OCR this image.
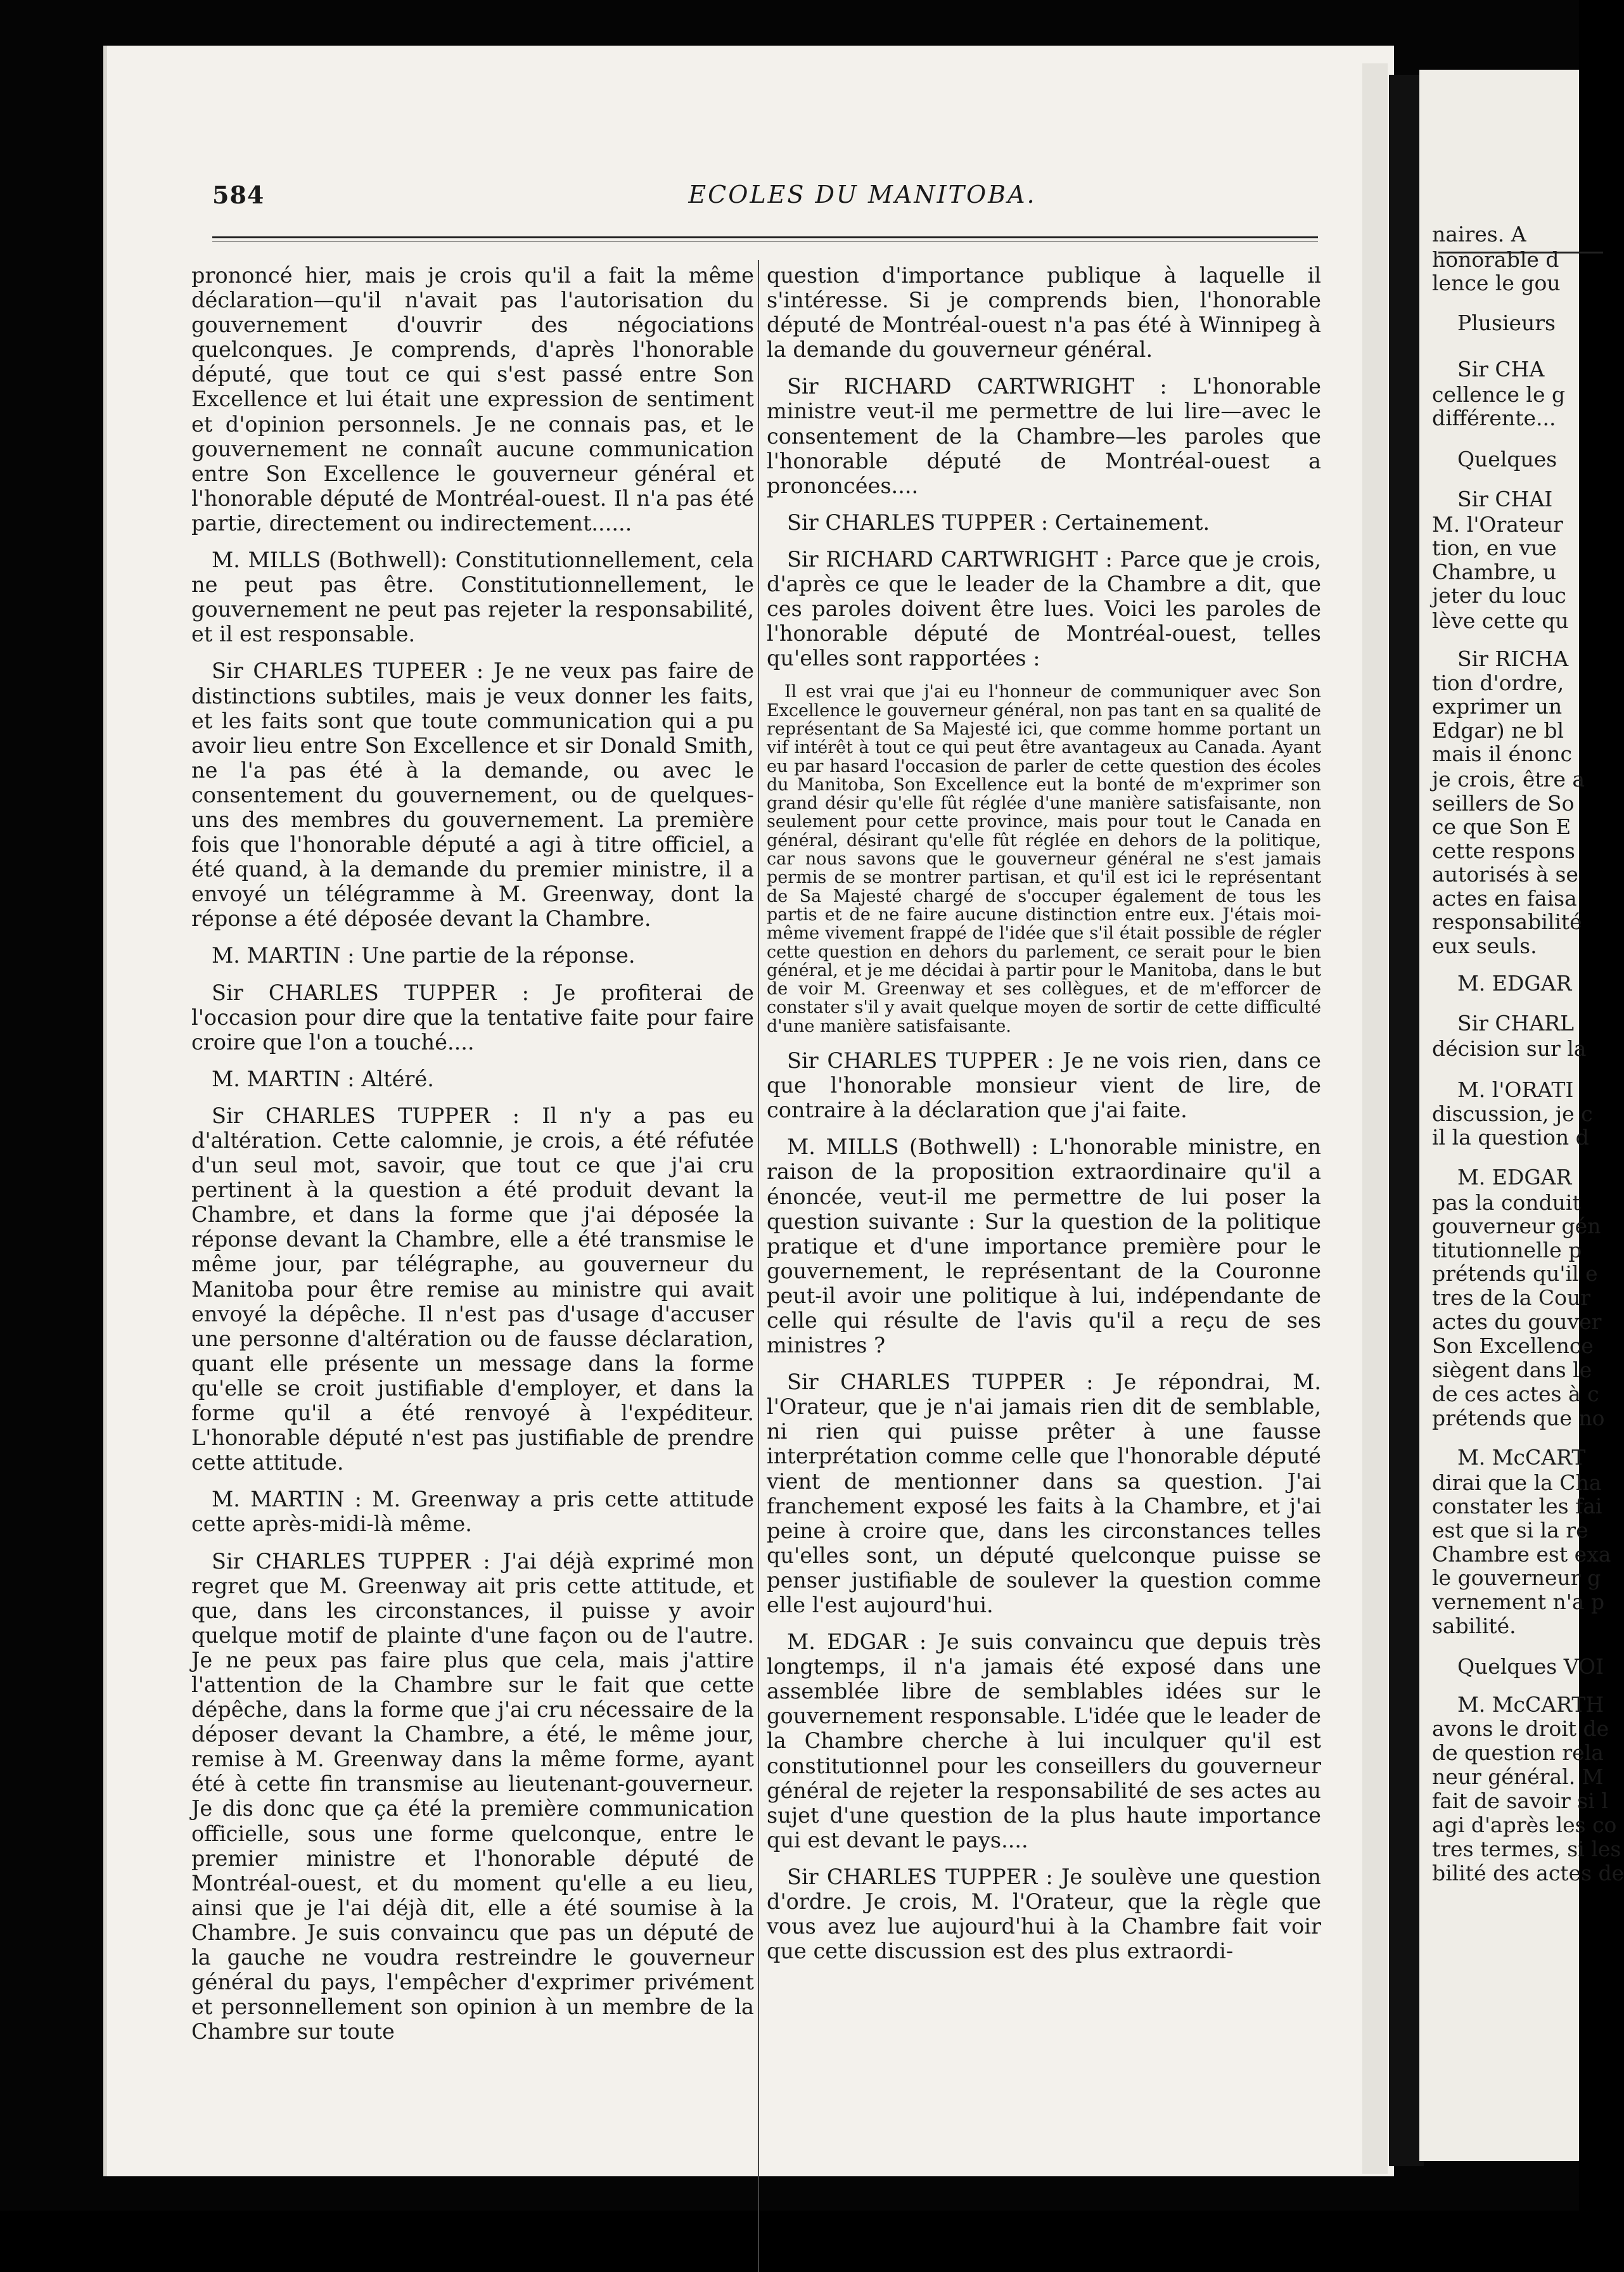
584	ECOLES DU MANITOBA.

prononcé hier, mais je crois qu'il a fait la même déclaration—qu'il n'avait pas l'autorisation du gouvernement d'ouvrir des négociations quelconques. Je comprends, d'après l'honorable député, que tout ce qui s'est passé entre Son Excellence et lui était une expression de sentiment et d'opinion personnels. Je ne connais pas, et le gouvernement ne connaît aucune communication entre Son Excellence le gouverneur général et l'honorable député de Montréal-ouest. Il n'a pas été partie, directement ou indirectement......

M. MILLS (Bothwell): Constitutionnellement, cela ne peut pas être. Constitutionnellement, le gouvernement ne peut pas rejeter la responsabilité, et il est responsable.

Sir CHARLES TUPEER : Je ne veux pas faire de distinctions subtiles, mais je veux donner les faits, et les faits sont que toute communication qui a pu avoir lieu entre Son Excellence et sir Donald Smith, ne l'a pas été à la demande, ou avec le consentement du gouvernement, ou de quelques-uns des membres du gouvernement. La première fois que l'honorable député a agi à titre officiel, a été quand, à la demande du premier ministre, il a envoyé un télégramme à M. Greenway, dont la réponse a été déposée devant la Chambre.

M. MARTIN : Une partie de la réponse.

Sir CHARLES TUPPER : Je profiterai de l'occasion pour dire que la tentative faite pour faire croire que l'on a touché....

M. MARTIN : Altéré.

Sir CHARLES TUPPER : Il n'y a pas eu d'altération. Cette calomnie, je crois, a été réfutée d'un seul mot, savoir, que tout ce que j'ai cru pertinent à la question a été produit devant la Chambre, et dans la forme que j'ai déposée la réponse devant la Chambre, elle a été transmise le même jour, par télégraphe, au gouverneur du Manitoba pour être remise au ministre qui avait envoyé la dépêche. Il n'est pas d'usage d'accuser une personne d'altération ou de fausse déclaration, quant elle présente un message dans la forme qu'elle se croit justifiable d'employer, et dans la forme qu'il a été renvoyé à l'expéditeur. L'honorable député n'est pas justifiable de prendre cette attitude.

M. MARTIN : M. Greenway a pris cette attitude cette après-midi-là même.

Sir CHARLES TUPPER : J'ai déjà exprimé mon regret que M. Greenway ait pris cette attitude, et que, dans les circonstances, il puisse y avoir quelque motif de plainte d'une façon ou de l'autre. Je ne peux pas faire plus que cela, mais j'attire l'attention de la Chambre sur le fait que cette dépêche, dans la forme que j'ai cru nécessaire de la déposer devant la Chambre, a été, le même jour, remise à M. Greenway dans la même forme, ayant été à cette fin transmise au lieutenant-gouverneur. Je dis donc que ça été la première communication officielle, sous une forme quelconque, entre le premier ministre et l'honorable député de Montréal-ouest, et du moment qu'elle a eu lieu, ainsi que je l'ai déjà dit, elle a été soumise à la Chambre. Je suis convaincu que pas un député de la gauche ne voudra restreindre le gouverneur général du pays, l'empêcher d'exprimer privément et personnellement son opinion à un membre de la Chambre sur toute

question d'importance publique à laquelle il s'intéresse. Si je comprends bien, l'honorable député de Montréal-ouest n'a pas été à Winnipeg à la demande du gouverneur général.

Sir RICHARD CARTWRIGHT : L'honorable ministre veut-il me permettre de lui lire—avec le consentement de la Chambre—les paroles que l'honorable député de Montréal-ouest a prononcées....

Sir CHARLES TUPPER : Certainement.

Sir RICHARD CARTWRIGHT : Parce que je crois, d'après ce que le leader de la Chambre a dit, que ces paroles doivent être lues. Voici les paroles de l'honorable député de Montréal-ouest, telles qu'elles sont rapportées :

Il est vrai que j'ai eu l'honneur de communiquer avec Son Excellence le gouverneur général, non pas tant en sa qualité de représentant de Sa Majesté ici, que comme homme portant un vif intérêt à tout ce qui peut être avantageux au Canada. Ayant eu par hasard l'occasion de parler de cette question des écoles du Manitoba, Son Excellence eut la bonté de m'exprimer son grand désir qu'elle fût réglée d'une manière satisfaisante, non seulement pour cette province, mais pour tout le Canada en général, désirant qu'elle fût réglée en dehors de la politique, car nous savons que le gouverneur général ne s'est jamais permis de se montrer partisan, et qu'il est ici le représentant de Sa Majesté chargé de s'occuper également de tous les partis et de ne faire aucune distinction entre eux. J'étais moi-même vivement frappé de l'idée que s'il était possible de régler cette question en dehors du parlement, ce serait pour le bien général, et je me décidai à partir pour le Manitoba, dans le but de voir M. Greenway et ses collègues, et de m'efforcer de constater s'il y avait quelque moyen de sortir de cette difficulté d'une manière satisfaisante.

Sir CHARLES TUPPER : Je ne vois rien, dans ce que l'honorable monsieur vient de lire, de contraire à la déclaration que j'ai faite.

M. MILLS (Bothwell) : L'honorable ministre, en raison de la proposition extraordinaire qu'il a énoncée, veut-il me permettre de lui poser la question suivante : Sur la question de la politique pratique et d'une importance première pour le gouvernement, le représentant de la Couronne peut-il avoir une politique à lui, indépendante de celle qui résulte de l'avis qu'il a reçu de ses ministres ?

Sir CHARLES TUPPER : Je répondrai, M. l'Orateur, que je n'ai jamais rien dit de semblable, ni rien qui puisse prêter à une fausse interprétation comme celle que l'honorable député vient de mentionner dans sa question. J'ai franchement exposé les faits à la Chambre, et j'ai peine à croire que, dans les circonstances telles qu'elles sont, un député quelconque puisse se penser justifiable de soulever la question comme elle l'est aujourd'hui.

M. EDGAR : Je suis convaincu que depuis très longtemps, il n'a jamais été exposé dans une assemblée libre de semblables idées sur le gouvernement responsable. L'idée que le leader de la Chambre cherche à lui inculquer qu'il est constitutionnel pour les conseillers du gouverneur général de rejeter la responsabilité de ses actes au sujet d'une question de la plus haute importance qui est devant le pays....

Sir CHARLES TUPPER : Je soulève une question d'ordre. Je crois, M. l'Orateur, que la règle que vous avez lue aujourd'hui à la Chambre fait voir que cette discussion est des plus extraordi-

naires. A
honorable d
lence le gou
Plusieurs
Sir CHA
cellence le g
différente...
Quelques
Sir CHAI
M. l'Orateur
tion, en vue
Chambre, u
jeter du louc
lève cette qu
Sir RICHA
tion d'ordre,
exprimer un
Edgar) ne bl
mais il énonc
je crois, être a
seillers de So
ce que Son E
cette respons
autorisés à se
actes en faisa
responsabilité
eux seuls.
M. EDGAR
Sir CHARL
décision sur la
M. l'ORATI
discussion, je c
il la question d
M. EDGAR
pas la conduit
gouverneur gén
titutionnelle p
prétends qu'il e
tres de la Cour
actes du gouver
Son Excellence
siègent dans le
de ces actes à c
prétends que no
M. McCART
dirai que la Cha
constater les fai
est que si la re
Chambre est exa
le gouverneur g
vernement n'a p
sabilité.
Quelques VOI
M. McCARTH
avons le droit de
de question rela
neur général. M
fait de savoir si l
agi d'après les co
tres termes, si les
bilité des actes de
